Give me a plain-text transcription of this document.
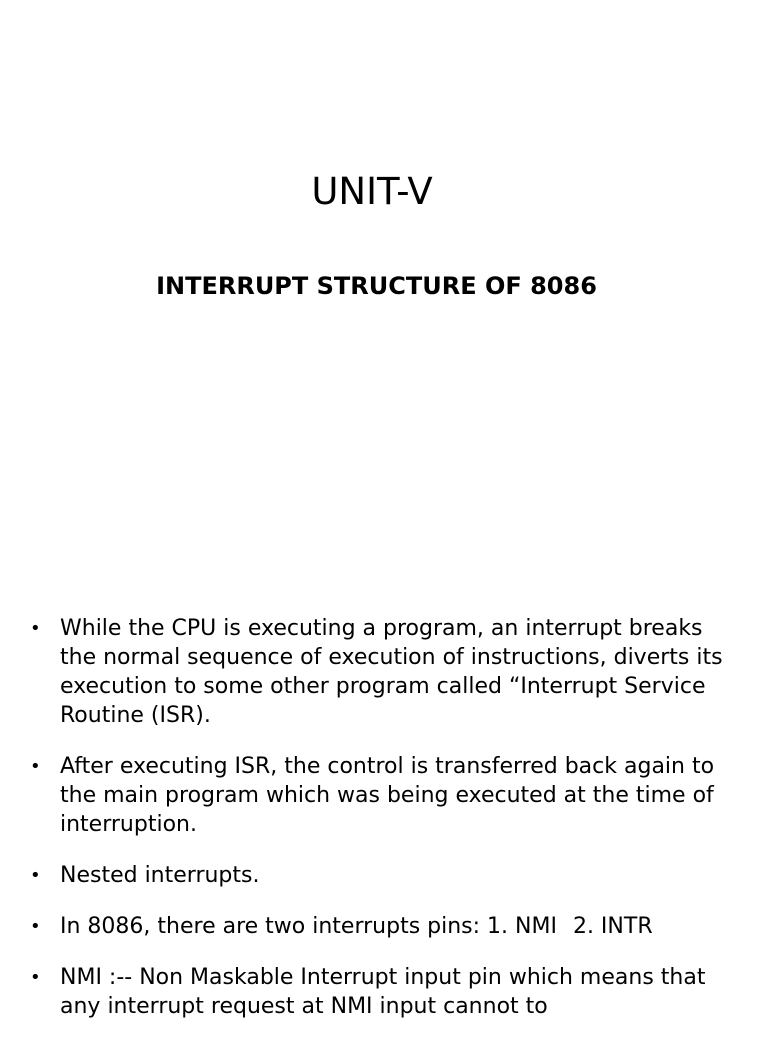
UNIT-V
INTERRUPT STRUCTURE OF 8086
• While the CPU is executing a program, an interrupt breaks the normal sequence of execution of instructions, diverts its execution to some other program called “Interrupt Service Routine (ISR).
• After executing ISR, the control is transferred back again to the main program which was being executed at the time of interruption.
• Nested interrupts.
• In 8086, there are two interrupts pins: 1. NMI 2. INTR
• NMI :-- Non Maskable Interrupt input pin which means that any interrupt request at NMI input cannot to
